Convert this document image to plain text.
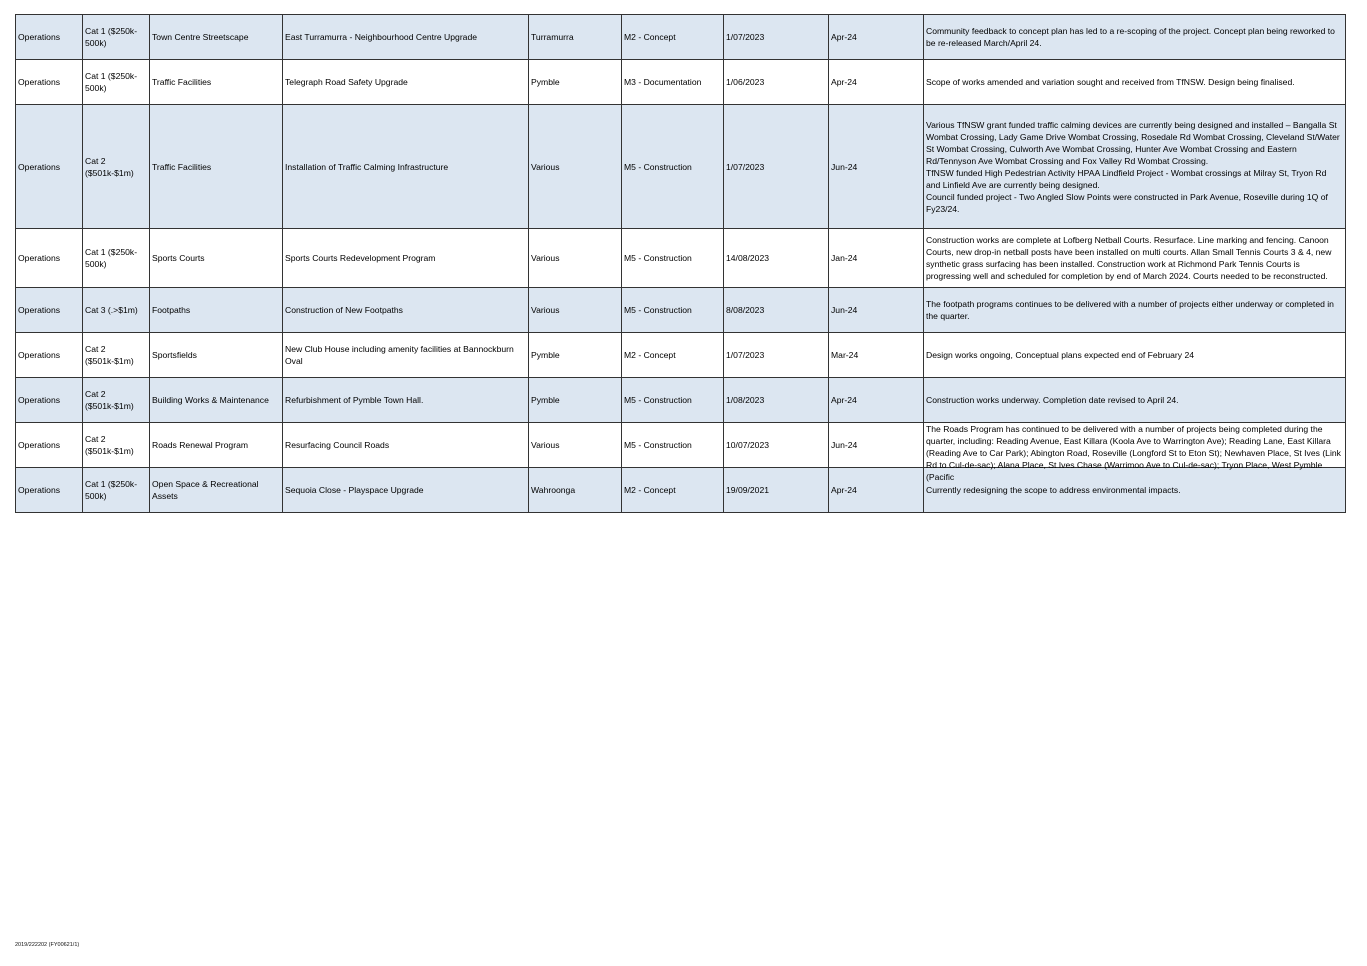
Operations	Cat 1 ($250k-500k)	Town Centre Streetscape	East Turramurra - Neighbourhood Centre Upgrade	Turramurra	M2 - Concept	1/07/2023	Apr-24	Community feedback to concept plan has led to a re-scoping of the project. Concept plan being reworked to be re-released March/April 24.
Operations	Cat 1 ($250k-500k)	Traffic Facilities	Telegraph Road Safety Upgrade	Pymble	M3 - Documentation	1/06/2023	Apr-24	Scope of works amended and variation sought and received from TfNSW. Design being finalised.
Operations	Cat 2 ($501k-$1m)	Traffic Facilities	Installation of Traffic Calming Infrastructure	Various	M5 - Construction	1/07/2023	Jun-24	Various TfNSW grant funded traffic calming devices are currently being designed and installed – Bangalla St Wombat Crossing, Lady Game Drive Wombat Crossing, Rosedale Rd Wombat Crossing, Cleveland St/Water St Wombat Crossing, Culworth Ave Wombat Crossing, Hunter Ave Wombat Crossing and Eastern Rd/Tennyson Ave Wombat Crossing and Fox Valley Rd Wombat Crossing.
TfNSW funded High Pedestrian Activity HPAA Lindfield Project - Wombat crossings at Milray St, Tryon Rd and Linfield Ave are currently being designed.
Council funded project - Two Angled Slow Points were constructed in Park Avenue, Roseville during 1Q of Fy23/24.

Operations	Cat 1 ($250k-500k)	Sports Courts	Sports Courts Redevelopment Program	Various	M5 - Construction	14/08/2023	Jan-24	Construction works are complete at Lofberg Netball Courts. Resurface. Line marking and fencing. Canoon Courts, new drop-in netball posts have been installed on multi courts. Allan Small Tennis Courts 3 & 4, new synthetic grass surfacing has been installed. Construction work at Richmond Park Tennis Courts is progressing well and scheduled for completion by end of March 2024. Courts needed to be reconstructed.
Operations	Cat 3 (.>$1m)	Footpaths	Construction of New Footpaths	Various	M5 - Construction	8/08/2023	Jun-24	The footpath programs continues to be delivered with a number of projects either underway or completed in the quarter.
Operations	Cat 2 ($501k-$1m)	Sportsfields	New Club House including amenity facilities at Bannockburn Oval	Pymble	M2 - Concept	1/07/2023	Mar-24	Design works ongoing, Conceptual plans expected end of February 24
Operations	Cat 2 ($501k-$1m)	Building Works & Maintenance	Refurbishment of Pymble Town Hall.	Pymble	M5 - Construction	1/08/2023	Apr-24	Construction works underway. Completion date revised to April 24.
Operations	Cat 2 ($501k-$1m)	Roads Renewal Program	Resurfacing Council Roads	Various	M5 - Construction	10/07/2023	Jun-24	The Roads Program has continued to be delivered with a number of projects being completed during the quarter, including: Reading Avenue, East Killara (Koola Ave to Warrington Ave); Reading Lane, East Killara (Reading Ave to Car Park); Abington Road, Roseville (Longford St to Eton St); Newhaven Place, St Ives (Link Rd to Cul-de-sac); Alana Place, St Ives Chase (Warrimoo Ave to Cul-de-sac); Tryon Place, West Pymble (Pacific

Operations	Cat 1 ($250k-500k)	Open Space & Recreational Assets	Sequoia Close - Playspace Upgrade	Wahroonga	M2 - Concept	19/09/2021	Apr-24	Currently redesigning the scope to address environmental impacts.
2019/222202 (FY00621/1)
